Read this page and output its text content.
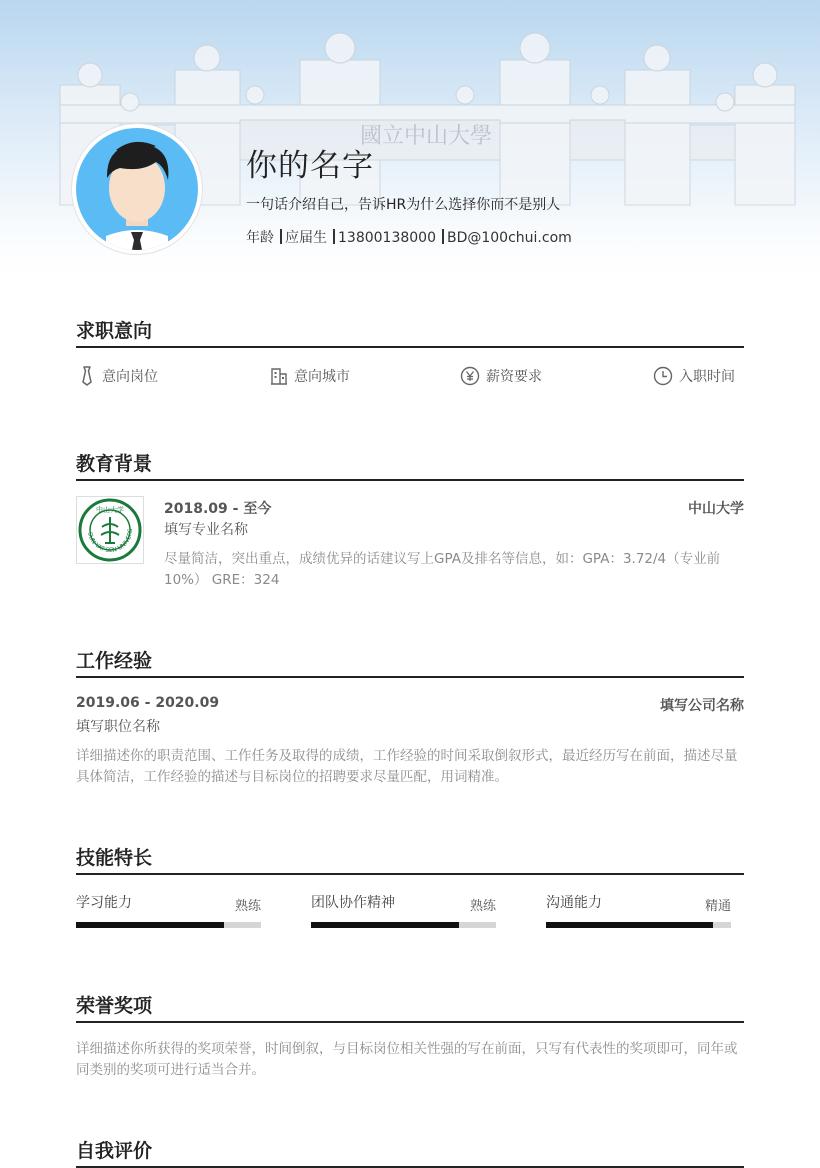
國立中山大學
你的名字
一句话介绍自己，告诉HR为什么选择你而不是别人
年龄 应届生 13800138000 BD@100chui.com
求职意向
意向岗位	意向城市	薪资要求	入职时间
教育背景
SUN YAT-SEN UNIVERS
中山大学	2018.09 - 至今	中山大学
填写专业名称
尽量简洁，突出重点，成绩优异的话建议写上GPA及排名等信息，如：GPA：3.72/4（专业前10%） GRE：324
工作经验
2019.06 - 2020.09	填写公司名称
填写职位名称
详细描述你的职责范围、工作任务及取得的成绩，工作经验的时间采取倒叙形式，最近经历写在前面，描述尽量具体简洁，工作经验的描述与目标岗位的招聘要求尽量匹配，用词精准。
技能特长
学习能力	熟练	团队协作精神	熟练	沟通能力	精通
荣誉奖项
详细描述你所获得的奖项荣誉，时间倒叙，与目标岗位相关性强的写在前面，只写有代表性的奖项即可，同年或同类别的奖项可进行适当合并。
自我评价
